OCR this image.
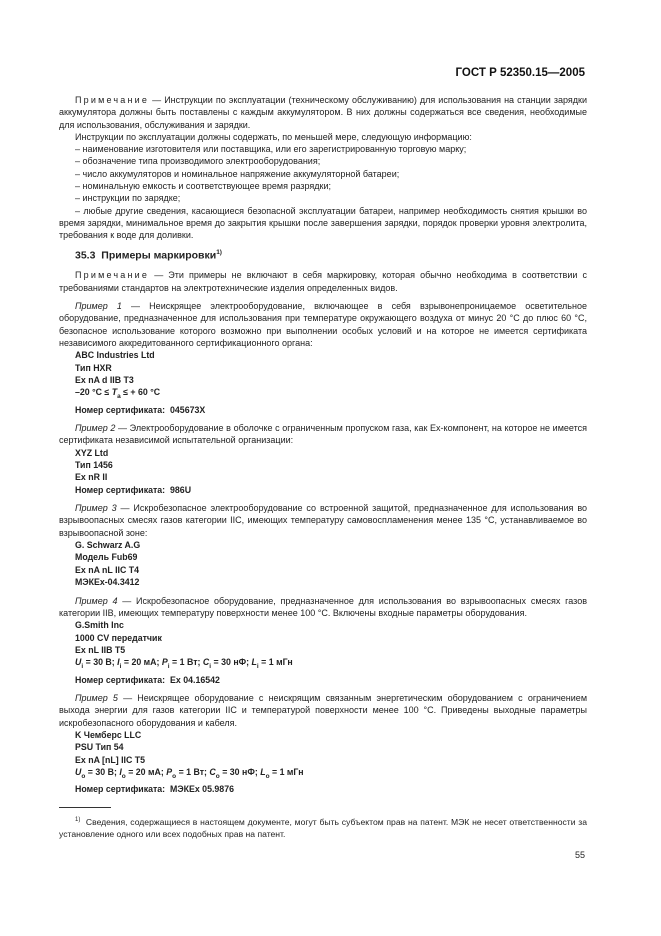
ГОСТ Р 52350.15—2005

Примечание — Инструкции по эксплуатации (техническому обслуживанию) для использования на станции зарядки аккумулятора должны быть поставлены с каждым аккумулятором. В них должны содержаться все сведения, необходимые для использования, обслуживания и зарядки.

Инструкции по эксплуатации должны содержать, по меньшей мере, следующую информацию:

– наименование изготовителя или поставщика, или его зарегистрированную торговую марку;

– обозначение типа производимого электрооборудования;

– число аккумуляторов и номинальное напряжение аккумуляторной батареи;

– номинальную емкость и соответствующее время разрядки;

– инструкции по зарядке;

– любые другие сведения, касающиеся безопасной эксплуатации батареи, например необходимость снятия крышки во время зарядки, минимальное время до закрытия крышки после завершения зарядки, порядок проверки уровня электролита, требования к воде для доливки.

35.3 Примеры маркировки$^{1)}$

Примечание — Эти примеры не включают в себя маркировку, которая обычно необходима в соответствии с требованиями стандартов на электротехнические изделия определенных видов.

Пример 1 — Неискрящее электрооборудование, включающее в себя взрывонепроницаемое осветительное оборудование, предназначенное для использования при температуре окружающего воздуха от минус 20 °С до плюс 60 °С, безопасное использование которого возможно при выполнении особых условий и на которое не имеется сертификата независимого аккредитованного сертификационного органа:

ABC Industries Ltd

Тип HXR

Ex nA d IIB T3

–20 $^\circ C \le T_a$ ≤ + 60 °C

Номер сертификата: 045673X

Пример 2 — Электрооборудование в оболочке с ограниченным пропуском газа, как Ех-компонент, на которое не имеется сертификата независимой испытательной организации:

XYZ Ltd

Тип 1456

Ex nR II

Номер сертификата: 986U

Пример 3 — Искробезопасное электрооборудование со встроенной защитой, предназначенное для использования во взрывоопасных смесях газов категории IIC, имеющих температуру самовоспламенения менее 135 °С, устанавливаемое во взрывоопасной зоне:

G. Schwarz A.G

Модель Fub69

Ex nA nL IIC T4

МЭКЕх-04.3412

Пример 4 — Искробезопасное оборудование, предназначенное для использования во взрывоопасных смесях газов категории IIB, имеющих температуру поверхности менее 100 °С. Включены входные параметры оборудования.

G.Smith Inc

1000 CV передатчик

Ex nL IIB T5

$U_i = 30$ В; $I_i = 20$ мА; $P_i = 1$ Вт; $C_i = 30$ нФ; $L_i = 1$ мГн

Номер сертификата: Ex 04.16542

Пример 5 — Неискрящее оборудование с неискрящим связанным энергетическим оборудованием с ограничением выхода энергии для газов категории IIC и температурой поверхности менее 100 °С. Приведены выходные параметры искробезопасного оборудования и кабеля.

K Чемберс LLC

PSU Тип 54

Ex nA [nL] IIC T5

$U_o = 30$ В; $I_o = 20$ мА; $P_o = 1$ Вт; $C_o = 30$ нФ; $L_o = 1$ мГн

Номер сертификата: МЭКЕх 05.9876

$^{1)}$ Сведения, содержащиеся в настоящем документе, могут быть субъектом прав на патент. МЭК не несет ответственности за установление одного или всех подобных прав на патент.
55
